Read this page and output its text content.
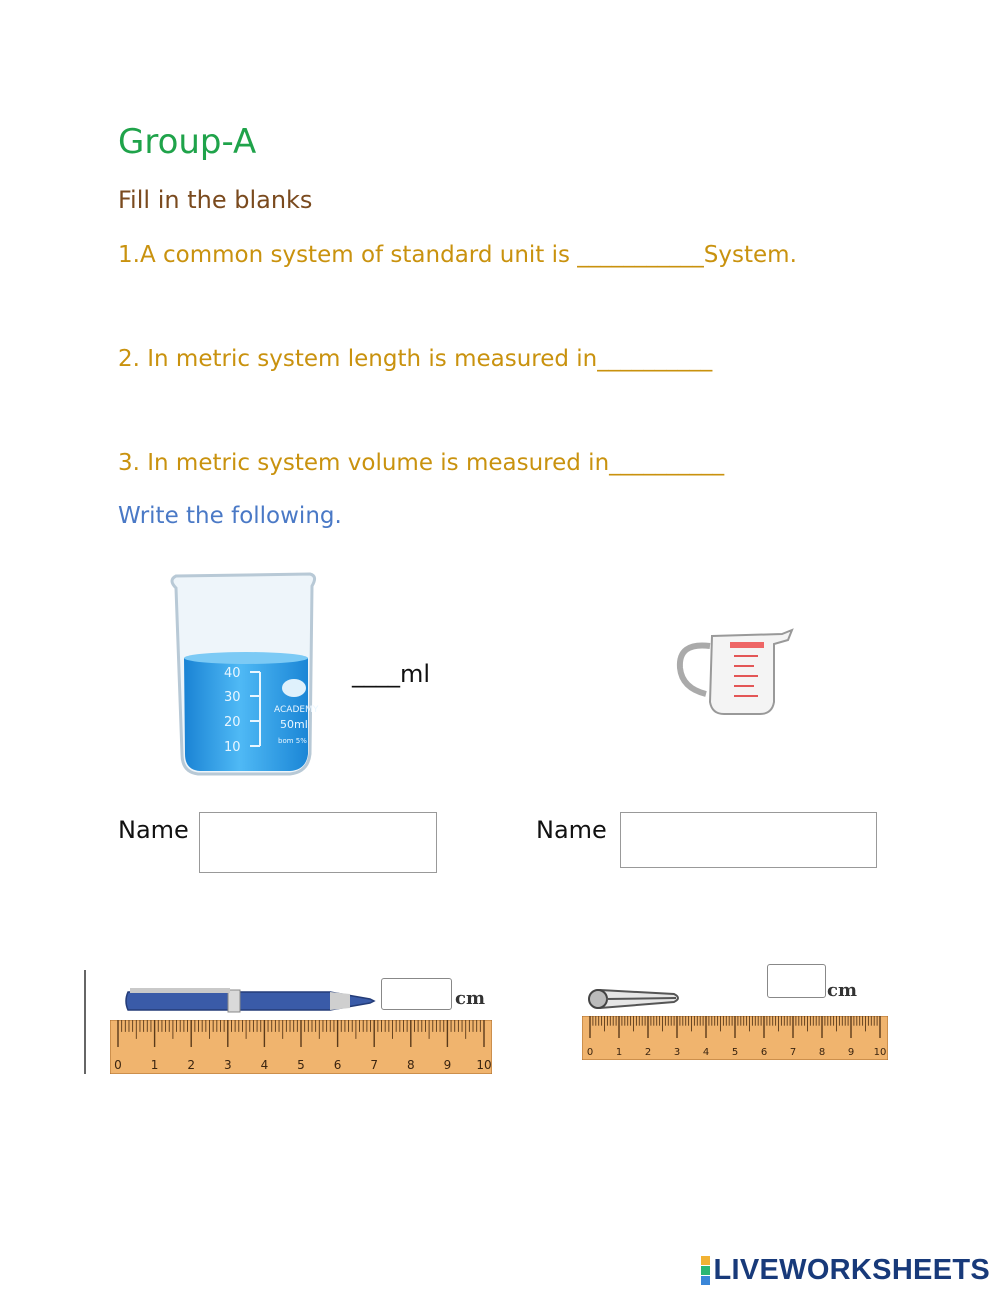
Group-A
Fill in the blanks
1.A common system of standard unit is ___________System.
2. In metric system length is measured in__________
3. In metric system volume is measured in__________
Write the following.
40
30
20
10
ACADEMY
50ml
bom 5%
____ml
Name	Name
cm
0 1 2 3 4 5 6 7 8 9 10
cm
0 1 2 3 4 5 6 7 8 9 10
LIVEWORKSHEETS
